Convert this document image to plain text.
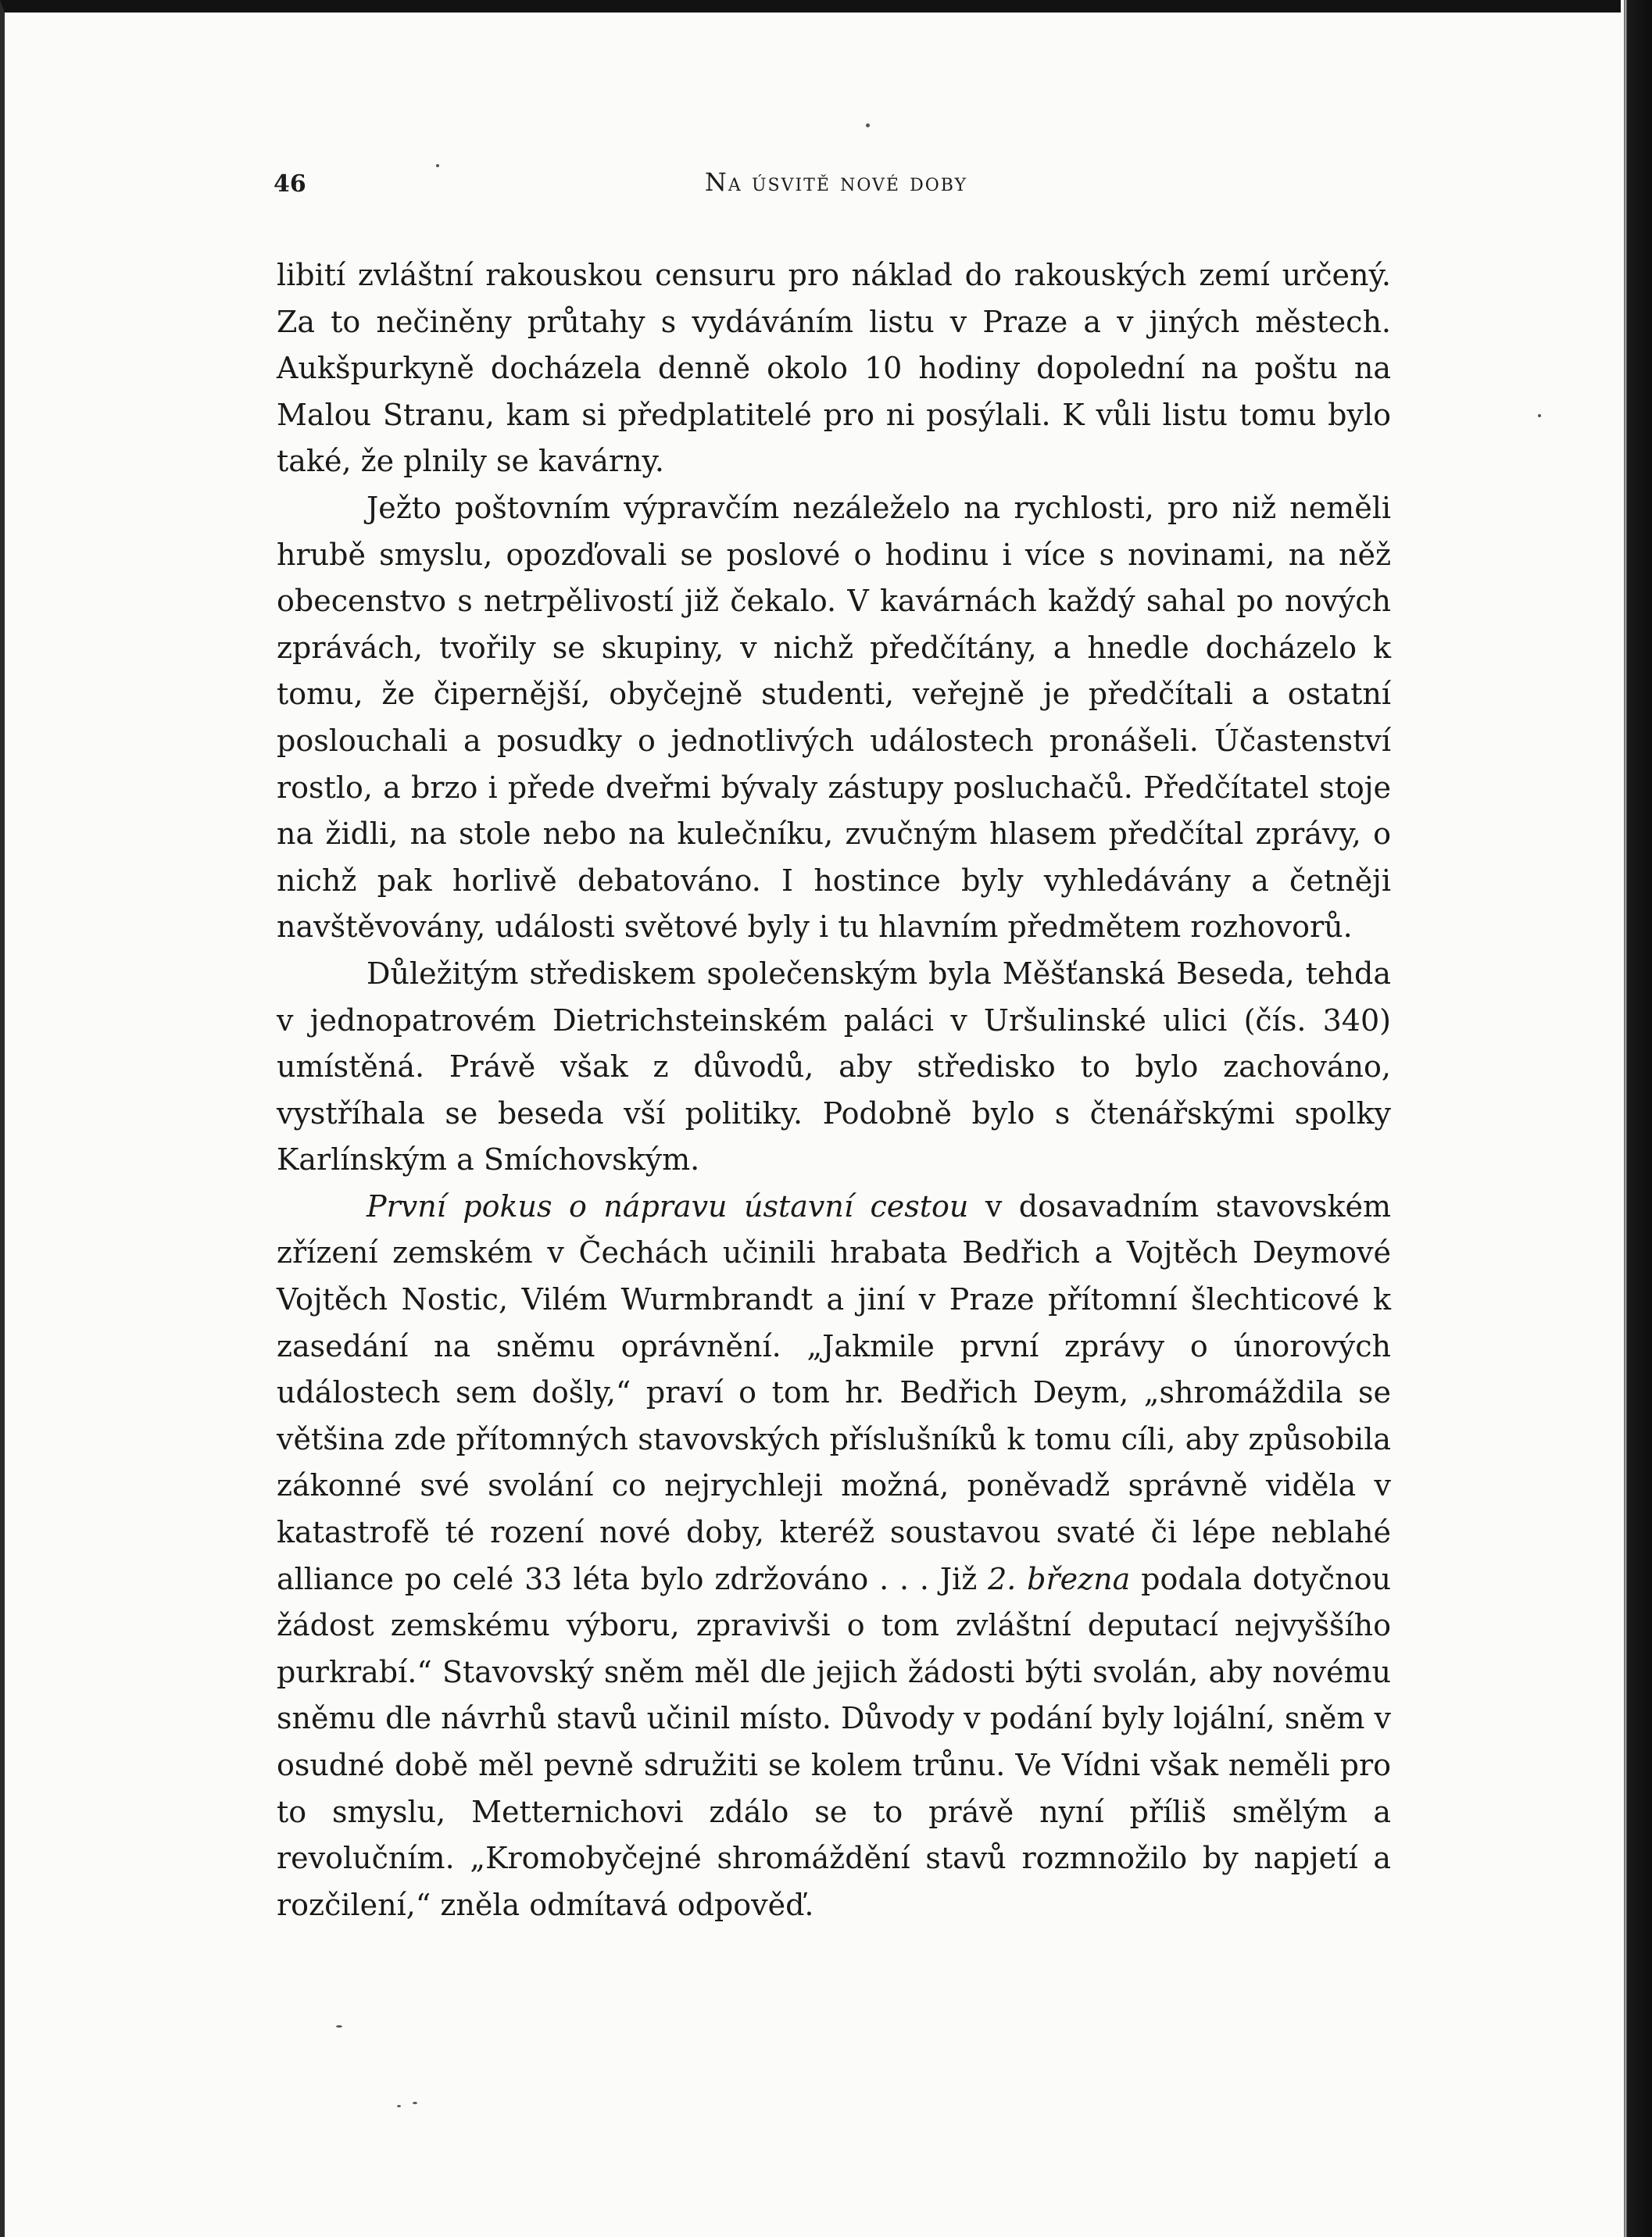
46	Na úsvitě nové doby

libití zvláštní rakouskou censuru pro náklad do rakouských zemí určený. Za to nečiněny průtahy s vydáváním listu v Praze a v jiných městech. Aukšpurkyně docházela denně okolo 10 hodiny dopolední na poštu na Malou Stranu, kam si předplatitelé pro ni posýlali. K vůli listu tomu bylo také, že plnily se kavárny.

Ježto poštovním výpravčím nezáleželo na rychlosti, pro niž neměli hrubě smyslu, opozďovali se poslové o hodinu i více s novinami, na něž obecenstvo s netrpělivostí již čekalo. V kavárnách každý sahal po nových zprávách, tvořily se skupiny, v nichž předčítány, a hnedle docházelo k tomu, že čipernější, obyčejně studenti, veřejně je předčítali a ostatní poslouchali a posudky o jednotlivých událostech pronášeli. Účastenství rostlo, a brzo i přede dveřmi bývaly zástupy posluchačů. Předčítatel stoje na židli, na stole nebo na kulečníku, zvučným hlasem předčítal zprávy, o nichž pak horlivě debatováno. I hostince byly vyhledávány a četněji navštěvovány, události světové byly i tu hlavním předmětem rozhovorů.

Důležitým střediskem společenským byla Měšťanská Beseda, tehda v jednopatrovém Dietrichsteinském paláci v Uršulinské ulici (čís. 340) umístěná. Právě však z důvodů, aby středisko to bylo zachováno, vystříhala se beseda vší politiky. Podobně bylo s čtenářskými spolky Karlínským a Smíchovským.

První pokus o nápravu ústavní cestou v dosavadním stavovském zřízení zemském v Čechách učinili hrabata Bedřich a Vojtěch Deymové Vojtěch Nostic, Vilém Wurmbrandt a jiní v Praze přítomní šlechticové k zasedání na sněmu oprávnění. „Jakmile první zprávy o únorových událostech sem došly,“ praví o tom hr. Bedřich Deym, „shromáždila se většina zde přítomných stavovských příslušníků k tomu cíli, aby způsobila zákonné své svolání co nejrychleji možná, poněvadž správně viděla v katastrofě té rození nové doby, kteréž soustavou svaté či lépe neblahé alliance po celé 33 léta bylo zdržováno . . . Již 2. března podala dotyčnou žádost zemskému výboru, zpravivši o tom zvláštní deputací nejvyššího purkrabí.“ Stavovský sněm měl dle jejich žádosti býti svolán, aby novému sněmu dle návrhů stavů učinil místo. Důvody v podání byly lojální, sněm v osudné době měl pevně sdružiti se kolem trůnu. Ve Vídni však neměli pro to smyslu, Metternichovi zdálo se to právě nyní příliš smělým a revolučním. „Kromobyčejné shromáždění stavů rozmnožilo by napjetí a rozčilení,“ zněla odmítavá odpověď.
